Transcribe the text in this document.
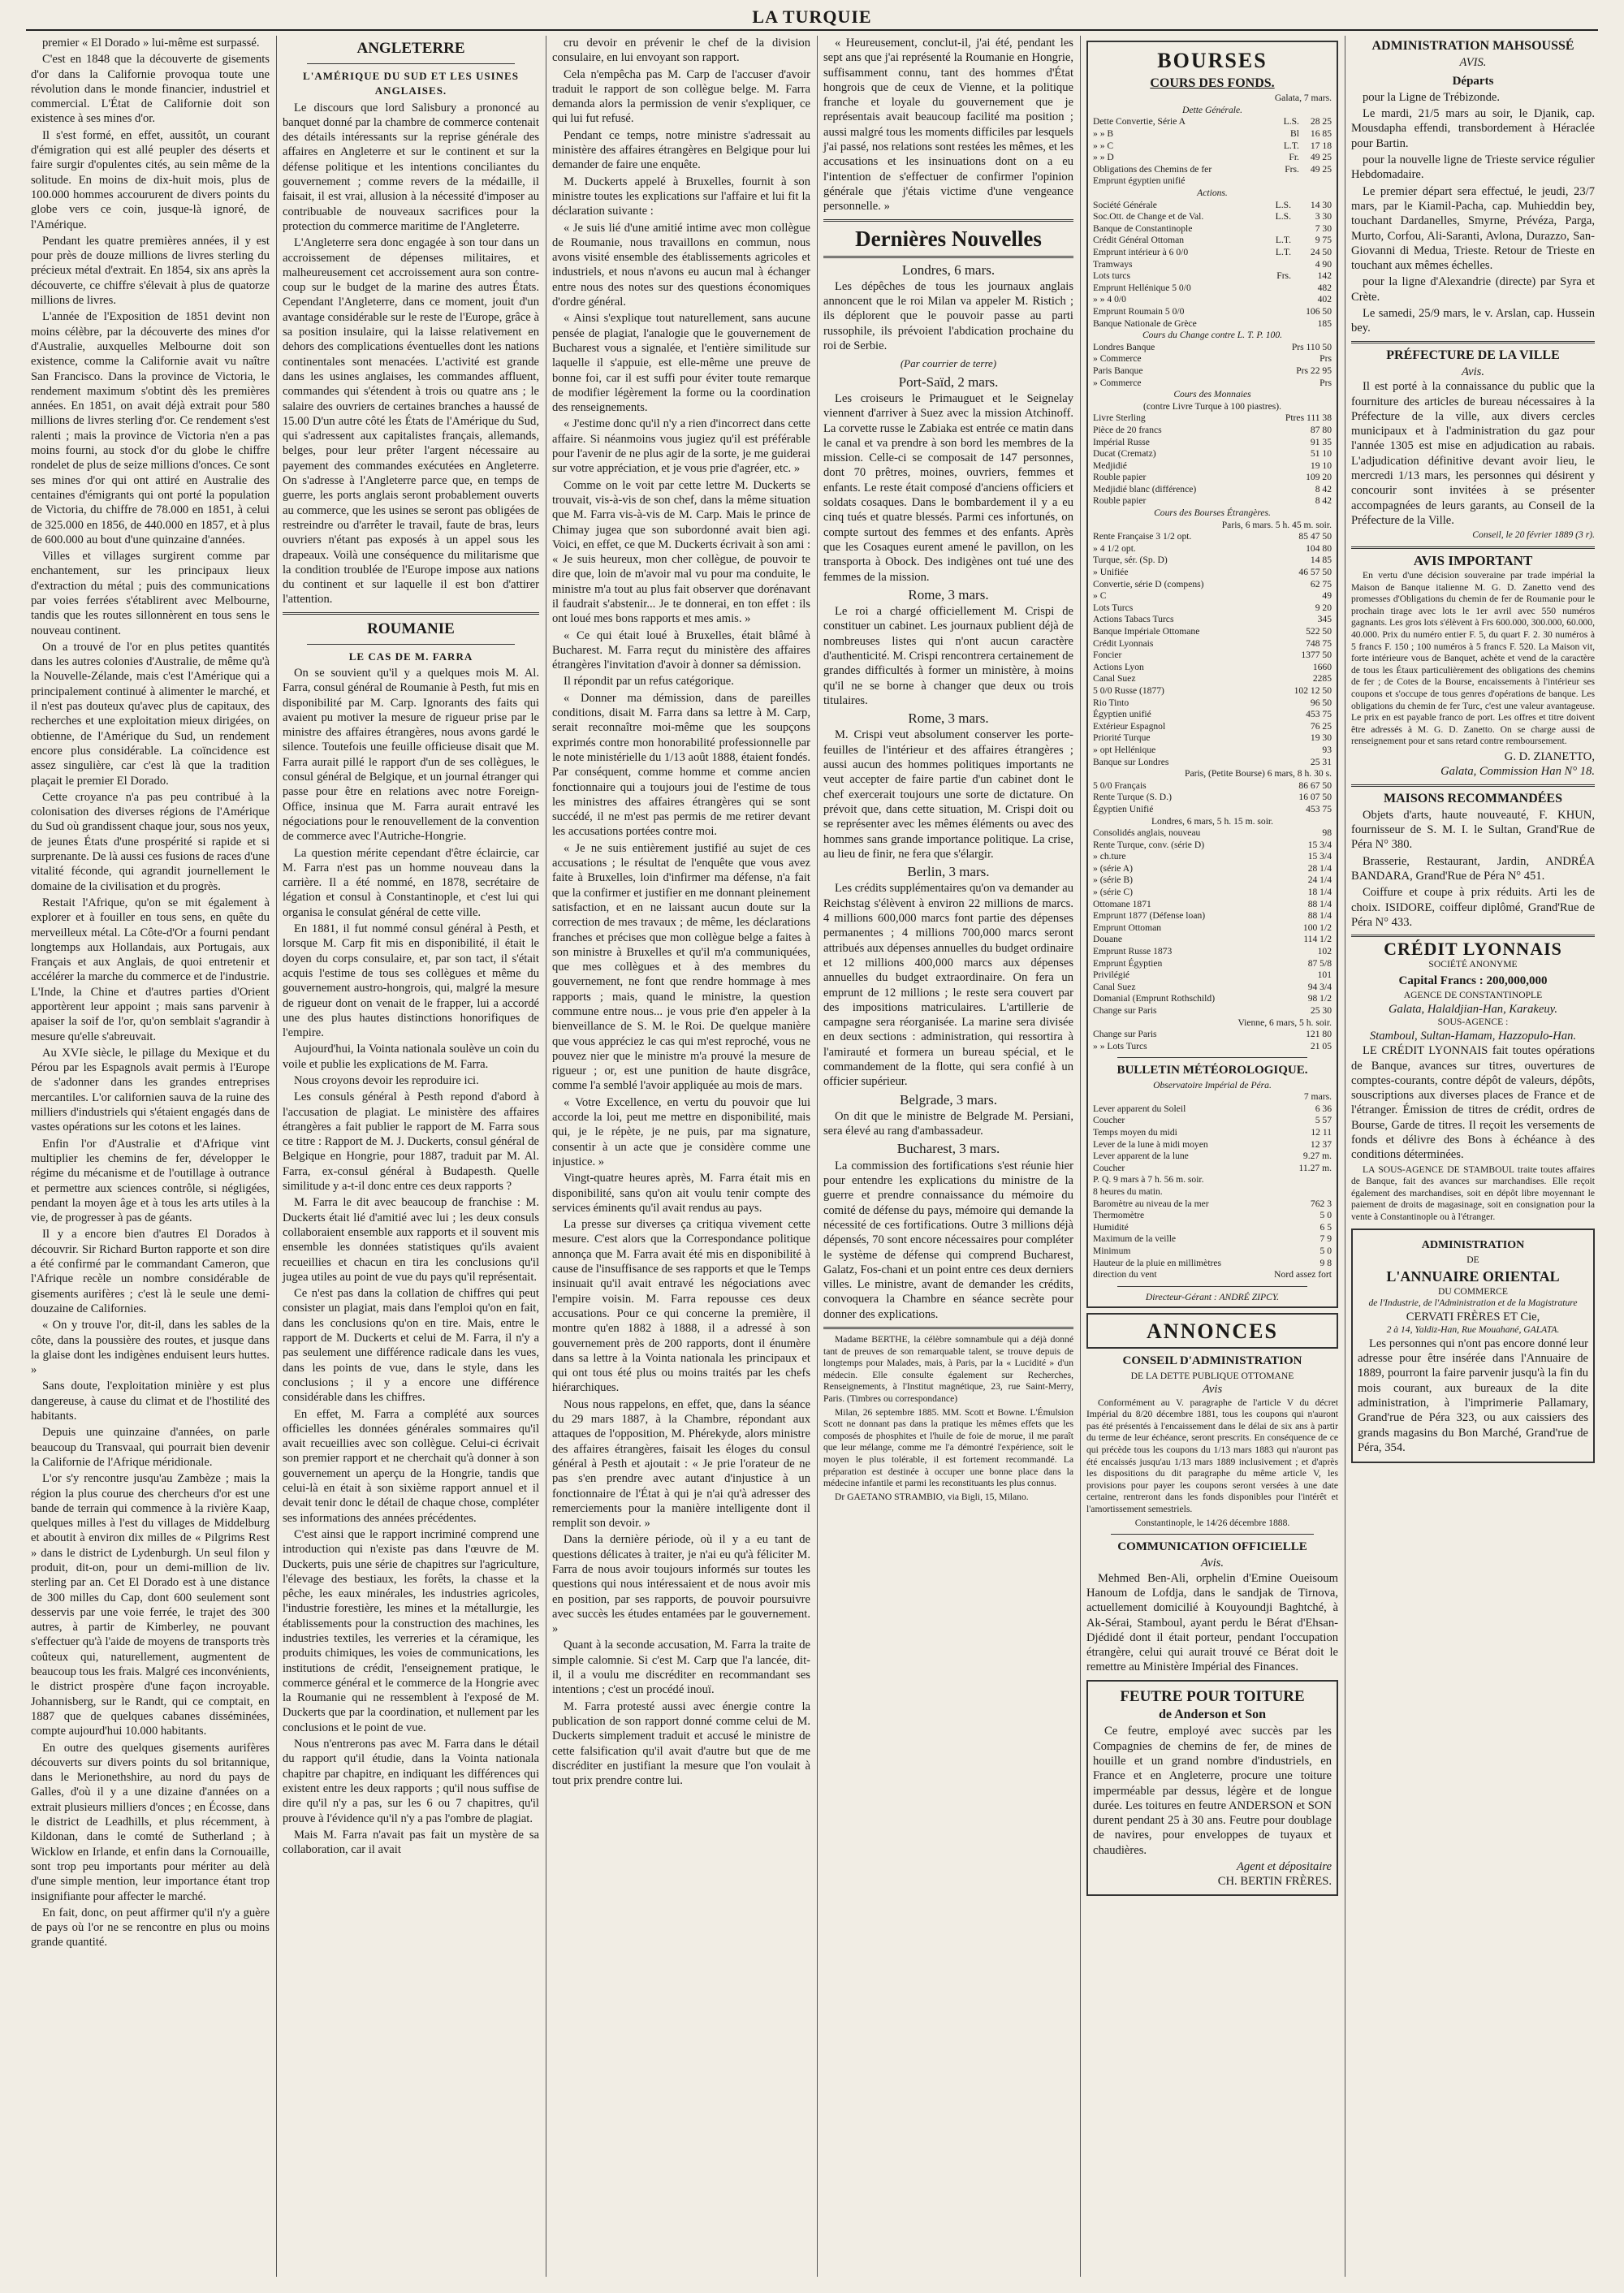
LA TURQUIE

premier « El Dorado » lui-même est surpassé.

C'est en 1848 que la découverte de gisements d'or dans la Californie provoqua toute une révolution dans le monde financier, industriel et commercial. L'État de Californie doit son existence à ses mines d'or.

Il s'est formé, en effet, aussitôt, un courant d'émigration qui est allé peupler des déserts et faire surgir d'opulentes cités, au sein même de la solitude. En moins de dix-huit mois, plus de 100.000 hommes accoururent de divers points du globe vers ce coin, jusque-là ignoré, de l'Amérique.

Pendant les quatre premières années, il y est pour près de douze millions de livres sterling du précieux métal d'extrait. En 1854, six ans après la découverte, ce chiffre s'élevait à plus de quatorze millions de livres.

L'année de l'Exposition de 1851 devint non moins célèbre, par la découverte des mines d'or d'Australie, auxquelles Melbourne doit son existence, comme la Californie avait vu naître San Francisco. Dans la province de Victoria, le rendement maximum s'obtint dès les premières années. En 1851, on avait déjà extrait pour 580 millions de livres sterling d'or. Ce rendement s'est ralenti ; mais la province de Victoria n'en a pas moins fourni, au stock d'or du globe le chiffre rondelet de plus de seize millions d'onces. Ce sont ses mines d'or qui ont attiré en Australie des centaines d'émigrants qui ont porté la population de Victoria, du chiffre de 78.000 en 1851, à celui de 325.000 en 1856, de 440.000 en 1857, et à plus de 600.000 au bout d'une quinzaine d'années.

Villes et villages surgirent comme par enchantement, sur les principaux lieux d'extraction du métal ; puis des communications par voies ferrées s'établirent avec Melbourne, tandis que les routes sillonnèrent en tous sens le nouveau continent.

On a trouvé de l'or en plus petites quantités dans les autres colonies d'Australie, de même qu'à la Nouvelle-Zélande, mais c'est l'Amérique qui a principalement continué à alimenter le marché, et il n'est pas douteux qu'avec plus de capitaux, des recherches et une exploitation mieux dirigées, on obtienne, de l'Amérique du Sud, un rendement encore plus considérable. La coïncidence est assez singulière, car c'est là que la tradition plaçait le premier El Dorado.

Cette croyance n'a pas peu contribué à la colonisation des diverses régions de l'Amérique du Sud où grandissent chaque jour, sous nos yeux, de jeunes États d'une prospérité si rapide et si surprenante. De là aussi ces fusions de races d'une vitalité féconde, qui agrandit journellement le domaine de la civilisation et du progrès.

Restait l'Afrique, qu'on se mit également à explorer et à fouiller en tous sens, en quête du merveilleux métal. La Côte-d'Or a fourni pendant longtemps aux Hollandais, aux Portugais, aux Français et aux Anglais, de quoi entretenir et accélérer la marche du commerce et de l'industrie. L'Inde, la Chine et d'autres parties d'Orient apportèrent leur appoint ; mais sans parvenir à apaiser la soif de l'or, qu'on semblait s'agrandir à mesure qu'elle s'abreuvait.

Au XVIe siècle, le pillage du Mexique et du Pérou par les Espagnols avait permis à l'Europe de s'adonner dans les grandes entreprises mercantiles. L'or californien sauva de la ruine des milliers d'industriels qui s'étaient engagés dans de vastes opérations sur les cotons et les laines.

Enfin l'or d'Australie et d'Afrique vint multiplier les chemins de fer, développer le régime du mécanisme et de l'outillage à outrance et permettre aux sciences contrôle, si négligées, pendant la moyen âge et à tous les arts utiles à la vie, de progresser à pas de géants.

Il y a encore bien d'autres El Dorados à découvrir. Sir Richard Burton rapporte et son dire a été confirmé par le commandant Cameron, que l'Afrique recèle un nombre considérable de gisements aurifères ; c'est là le seule une demi-douzaine de Californies.

« On y trouve l'or, dit-il, dans les sables de la côte, dans la poussière des routes, et jusque dans la glaise dont les indigènes enduisent leurs huttes. »

Sans doute, l'exploitation minière y est plus dangereuse, à cause du climat et de l'hostilité des habitants.

Depuis une quinzaine d'années, on parle beaucoup du Transvaal, qui pourrait bien devenir la Californie de l'Afrique méridionale.

L'or s'y rencontre jusqu'au Zambèze ; mais la région la plus courue des chercheurs d'or est une bande de terrain qui commence à la rivière Kaap, quelques milles à l'est du villages de Middelburg et aboutit à environ dix milles de « Pilgrims Rest » dans le district de Lydenburgh. Un seul filon y produit, dit-on, pour un demi-million de liv. sterling par an. Cet El Dorado est à une distance de 300 milles du Cap, dont 600 seulement sont desservis par une voie ferrée, le trajet des 300 autres, à partir de Kimberley, ne pouvant s'effectuer qu'à l'aide de moyens de transports très coûteux qui, naturellement, augmentent de beaucoup tous les frais. Malgré ces inconvénients, le district prospère d'une façon incroyable. Johannisberg, sur le Randt, qui ce comptait, en 1887 que de quelques cabanes disséminées, compte aujourd'hui 10.000 habitants.

En outre des quelques gisements aurifères découverts sur divers points du sol britannique, dans le Merionethshire, au nord du pays de Galles, d'où il y a une dizaine d'années on a extrait plusieurs milliers d'onces ; en Écosse, dans le district de Leadhills, et plus récemment, à Kildonan, dans le comté de Sutherland ; à Wicklow en Irlande, et enfin dans la Cornouaille, sont trop peu importants pour mériter au delà d'une simple mention, leur importance étant trop insignifiante pour affecter le marché.

En fait, donc, on peut affirmer qu'il n'y a guère de pays où l'or ne se rencontre en plus ou moins grande quantité.

ANGLETERRE
L'AMÉRIQUE DU SUD ET LES USINES ANGLAISES.

Le discours que lord Salisbury a prononcé au banquet donné par la chambre de commerce contenait des détails intéressants sur la reprise générale des affaires en Angleterre et sur le continent et sur la défense politique et les intentions conciliantes du gouvernement ; comme revers de la médaille, il faisait, il est vrai, allusion à la nécessité d'imposer au contribuable de nouveaux sacrifices pour la protection du commerce maritime de l'Angleterre.

L'Angleterre sera donc engagée à son tour dans un accroissement de dépenses militaires, et malheureusement cet accroissement aura son contre-coup sur le budget de la marine des autres États. Cependant l'Angleterre, dans ce moment, jouit d'un avantage considérable sur le reste de l'Europe, grâce à sa position insulaire, qui la laisse relativement en dehors des complications éventuelles dont les nations continentales sont menacées. L'activité est grande dans les usines anglaises, les commandes affluent, commandes qui s'étendent à trois ou quatre ans ; le salaire des ouvriers de certaines branches a haussé de 15.00 D'un autre côté les États de l'Amérique du Sud, qui s'adressent aux capitalistes français, allemands, belges, pour leur prêter l'argent nécessaire au payement des commandes exécutées en Angleterre. On s'adresse à l'Angleterre parce que, en temps de guerre, les ports anglais seront probablement ouverts au commerce, que les usines se seront pas obligées de restreindre ou d'arrêter le travail, faute de bras, leurs ouvriers n'étant pas exposés à un appel sous les drapeaux. Voilà une conséquence du militarisme que la condition troublée de l'Europe impose aux nations du continent et sur laquelle il est bon d'attirer l'attention.

ROUMANIE
LE CAS DE M. FARRA

On se souvient qu'il y a quelques mois M. Al. Farra, consul général de Roumanie à Pesth, fut mis en disponibilité par M. Carp. Ignorants des faits qui avaient pu motiver la mesure de rigueur prise par le ministre des affaires étrangères, nous avons gardé le silence. Toutefois une feuille officieuse disait que M. Farra aurait pillé le rapport d'un de ses collègues, le consul général de Belgique, et un journal étranger qui passe pour être en relations avec notre Foreign-Office, insinua que M. Farra aurait entravé les négociations pour le renouvellement de la convention de commerce avec l'Autriche-Hongrie.

La question mérite cependant d'être éclaircie, car M. Farra n'est pas un homme nouveau dans la carrière. Il a été nommé, en 1878, secrétaire de légation et consul à Constantinople, et c'est lui qui organisa le consulat général de cette ville.

En 1881, il fut nommé consul général à Pesth, et lorsque M. Carp fit mis en disponibilité, il était le doyen du corps consulaire, et, par son tact, il s'était acquis l'estime de tous ses collègues et même du gouvernement austro-hongrois, qui, malgré la mesure de rigueur dont on venait de le frapper, lui a accordé une des plus hautes distinctions honorifiques de l'empire.

Aujourd'hui, la Vointa nationala soulève un coin du voile et publie les explications de M. Farra.

Nous croyons devoir les reproduire ici.

Les consuls général à Pesth repond d'abord à l'accusation de plagiat. Le ministère des affaires étrangères a fait publier le rapport de M. Farra sous ce titre : Rapport de M. J. Duckerts, consul général de Belgique en Hongrie, pour 1887, traduit par M. Al. Farra, ex-consul général à Budapesth. Quelle similitude y a-t-il donc entre ces deux rapports ?

M. Farra le dit avec beaucoup de franchise : M. Duckerts était lié d'amitié avec lui ; les deux consuls collaboraient ensemble aux rapports et il souvent mis ensemble les données statistiques qu'ils avaient recueillies et chacun en tira les conclusions qu'il jugea utiles au point de vue du pays qu'il représentait.

Ce n'est pas dans la collation de chiffres qui peut consister un plagiat, mais dans l'emploi qu'on en fait, dans les conclusions qu'on en tire. Mais, entre le rapport de M. Duckerts et celui de M. Farra, il n'y a pas seulement une différence radicale dans les vues, dans les points de vue, dans le style, dans les conclusions ; il y a encore une différence considérable dans les chiffres.

En effet, M. Farra a complété aux sources officielles les données générales sommaires qu'il avait recueillies avec son collègue. Celui-ci écrivait son premier rapport et ne cherchait qu'à donner à son gouvernement un aperçu de la Hongrie, tandis que celui-là en était à son sixième rapport annuel et il devait tenir donc le détail de chaque chose, compléter ses informations des années précédentes.

C'est ainsi que le rapport incriminé comprend une introduction qui n'existe pas dans l'œuvre de M. Duckerts, puis une série de chapitres sur l'agriculture, l'élevage des bestiaux, les forêts, la chasse et la pêche, les eaux minérales, les industries agricoles, l'industrie forestière, les mines et la métallurgie, les établissements pour la construction des machines, les industries textiles, les verreries et la céramique, les produits chimiques, les voies de communications, les institutions de crédit, l'enseignement pratique, le commerce général et le commerce de la Hongrie avec la Roumanie qui ne ressemblent à l'exposé de M. Duckerts que par la coordination, et nullement par les conclusions et le point de vue.

Nous n'entrerons pas avec M. Farra dans le détail du rapport qu'il étudie, dans la Vointa nationala chapitre par chapitre, en indiquant les différences qui existent entre les deux rapports ; qu'il nous suffise de dire qu'il n'y a pas, sur les 6 ou 7 chapitres, qu'il prouve à l'évidence qu'il n'y a pas l'ombre de plagiat.

Mais M. Farra n'avait pas fait un mystère de sa collaboration, car il avait

cru devoir en prévenir le chef de la division consulaire, en lui envoyant son rapport.

Cela n'empêcha pas M. Carp de l'accuser d'avoir traduit le rapport de son collègue belge. M. Farra demanda alors la permission de venir s'expliquer, ce qui lui fut refusé.

Pendant ce temps, notre ministre s'adressait au ministère des affaires étrangères en Belgique pour lui demander de faire une enquête.

M. Duckerts appelé à Bruxelles, fournit à son ministre toutes les explications sur l'affaire et lui fit la déclaration suivante :

« Je suis lié d'une amitié intime avec mon collègue de Roumanie, nous travaillons en commun, nous avons visité ensemble des établissements agricoles et industriels, et nous n'avons eu aucun mal à échanger entre nous des notes sur des questions économiques d'ordre général.

« Ainsi s'explique tout naturellement, sans aucune pensée de plagiat, l'analogie que le gouvernement de Bucharest vous a signalée, et l'entière similitude sur laquelle il s'appuie, est elle-même une preuve de bonne foi, car il est suffi pour éviter toute remarque de modifier légèrement la forme ou la coordination des renseignements.

« J'estime donc qu'il n'y a rien d'incorrect dans cette affaire. Si néanmoins vous jugiez qu'il est préférable pour l'avenir de ne plus agir de la sorte, je me guiderai sur votre appréciation, et je vous prie d'agréer, etc. »

Comme on le voit par cette lettre M. Duckerts se trouvait, vis-à-vis de son chef, dans la même situation que M. Farra vis-à-vis de M. Carp. Mais le prince de Chimay jugea que son subordonné avait bien agi. Voici, en effet, ce que M. Duckerts écrivait à son ami : « Je suis heureux, mon cher collègue, de pouvoir te dire que, loin de m'avoir mal vu pour ma conduite, le ministre m'a tout au plus fait observer que dorénavant il faudrait s'abstenir... Je te donnerai, en ton effet : ils ont loué mes bons rapports et mes amis. »

« Ce qui était loué à Bruxelles, était blâmé à Bucharest. M. Farra reçut du ministère des affaires étrangères l'invitation d'avoir à donner sa démission.

Il répondit par un refus catégorique.

« Donner ma démission, dans de pareilles conditions, disait M. Farra dans sa lettre à M. Carp, serait reconnaître moi-même que les soupçons exprimés contre mon honorabilité professionnelle par le note ministérielle du 1/13 août 1888, étaient fondés. Par conséquent, comme homme et comme ancien fonctionnaire qui a toujours joui de l'estime de tous les ministres des affaires étrangères qui se sont succédé, il ne m'est pas permis de me retirer devant les accusations portées contre moi.

« Je ne suis entièrement justifié au sujet de ces accusations ; le résultat de l'enquête que vous avez faite à Bruxelles, loin d'infirmer ma défense, n'a fait que la confirmer et justifier en me donnant pleinement satisfaction, et en ne laissant aucun doute sur la correction de mes travaux ; de même, les déclarations franches et précises que mon collègue belge a faites à son ministre à Bruxelles et qu'il m'a communiquées, que mes collègues et à des membres du gouvernement, ne font que rendre hommage à mes rapports ; mais, quand le ministre, la question commune entre nous... je vous prie d'en appeler à la bienveillance de S. M. le Roi. De quelque manière que vous appréciez le cas qui m'est reproché, vous ne pouvez nier que le ministre m'a prouvé la mesure de rigueur ; or, est une punition de haute disgrâce, comme l'a semblé l'avoir appliquée au mois de mars.

« Votre Excellence, en vertu du pouvoir que lui accorde la loi, peut me mettre en disponibilité, mais qui, je le répète, je ne puis, par ma signature, consentir à un acte que je considère comme une injustice. »

Vingt-quatre heures après, M. Farra était mis en disponibilité, sans qu'on ait voulu tenir compte des services éminents qu'il avait rendus au pays.

La presse sur diverses ça critiqua vivement cette mesure. C'est alors que la Correspondance politique annonça que M. Farra avait été mis en disponibilité à cause de l'insuffisance de ses rapports et que le Temps insinuait qu'il avait entravé les négociations avec l'empire voisin. M. Farra repousse ces deux accusations. Pour ce qui concerne la première, il montre qu'en 1882 à 1888, il a adressé à son gouvernement près de 200 rapports, dont il énumère dans sa lettre à la Vointa nationala les principaux et qui ont tous été plus ou moins traités par les chefs hiérarchiques.

Nous nous rappelons, en effet, que, dans la séance du 29 mars 1887, à la Chambre, répondant aux attaques de l'opposition, M. Phérekyde, alors ministre des affaires étrangères, faisait les éloges du consul général à Pesth et ajoutait : « Je prie l'orateur de ne pas s'en prendre avec autant d'injustice à un fonctionnaire de l'État à qui je n'ai qu'à adresser des remerciements pour la manière intelligente dont il remplit son devoir. »

Dans la dernière période, où il y a eu tant de questions délicates à traiter, je n'ai eu qu'à féliciter M. Farra de nous avoir toujours informés sur toutes les questions qui nous intéressaient et de nous avoir mis en position, par ses rapports, de pouvoir poursuivre avec succès les études entamées par le gouvernement. »

Quant à la seconde accusation, M. Farra la traite de simple calomnie. Si c'est M. Carp que l'a lancée, dit-il, il a voulu me discréditer en recommandant ses intentions ; c'est un procédé inouï.

M. Farra protesté aussi avec énergie contre la publication de son rapport donné comme celui de M. Duckerts simplement traduit et accusé le ministre de cette falsification qu'il avait d'autre but que de me discréditer en justifiant la mesure que l'on voulait à tout prix prendre contre lui.

« Heureusement, conclut-il, j'ai été, pendant les sept ans que j'ai représenté la Roumanie en Hongrie, suffisamment connu, tant des hommes d'État hongrois que de ceux de Vienne, et la politique franche et loyale du gouvernement que je représentais avait beaucoup facilité ma position ; aussi malgré tous les moments difficiles par lesquels j'ai passé, nos relations sont restées les mêmes, et les accusations et les insinuations dont on a eu l'intention de s'effectuer de confirmer l'opinion générale que j'étais victime d'une vengeance personnelle. »

Dernières Nouvelles
Londres, 6 mars.

Les dépêches de tous les journaux anglais annoncent que le roi Milan va appeler M. Ristich ; ils déplorent que le pouvoir passe au parti russophile, ils prévoient l'abdication prochaine du roi de Serbie.

(Par courrier de terre)
Port-Saïd, 2 mars.

Les croiseurs le Primauguet et le Seignelay viennent d'arriver à Suez avec la mission Atchinoff. La corvette russe le Zabiaka est entrée ce matin dans le canal et va prendre à son bord les membres de la mission. Celle-ci se composait de 147 personnes, dont 70 prêtres, moines, ouvriers, femmes et enfants. Le reste était composé d'anciens officiers et soldats cosaques. Dans le bombardement il y a eu cinq tués et quatre blessés. Parmi ces infortunés, on compte surtout des femmes et des enfants. Après que les Cosaques eurent amené le pavillon, on les transporta à Obock. Des indigènes ont tué une des femmes de la mission.

Rome, 3 mars.

Le roi a chargé officiellement M. Crispi de constituer un cabinet. Les journaux publient déjà de nombreuses listes qui n'ont aucun caractère d'authenticité. M. Crispi rencontrera certainement de grandes difficultés à former un ministère, à moins qu'il ne se borne à changer que deux ou trois titulaires.

Rome, 3 mars.

M. Crispi veut absolument conserver les porte-feuilles de l'intérieur et des affaires étrangères ; aussi aucun des hommes politiques importants ne veut accepter de faire partie d'un cabinet dont le chef exercerait toujours une sorte de dictature. On prévoit que, dans cette situation, M. Crispi doit ou se représenter avec les mêmes éléments ou avec des hommes sans grande importance politique. La crise, au lieu de finir, ne fera que s'élargir.

Berlin, 3 mars.

Les crédits supplémentaires qu'on va demander au Reichstag s'élèvent à environ 22 millions de marcs. 4 millions 600,000 marcs font partie des dépenses permanentes ; 4 millions 700,000 marcs seront attribués aux dépenses annuelles du budget ordinaire et 12 millions 400,000 marcs aux dépenses annuelles du budget extraordinaire. On fera un emprunt de 12 millions ; le reste sera couvert par des impositions matriculaires. L'artillerie de campagne sera réorganisée. La marine sera divisée en deux sections : administration, qui ressortira à l'amirauté et formera un bureau spécial, et le commandement de la flotte, qui sera confié à un officier supérieur.

Belgrade, 3 mars.

On dit que le ministre de Belgrade M. Persiani, sera élevé au rang d'ambassadeur.

Bucharest, 3 mars.

La commission des fortifications s'est réunie hier pour entendre les explications du ministre de la guerre et prendre connaissance du mémoire du comité de défense du pays, mémoire qui demande la nécessité de ces fortifications. Outre 3 millions déjà dépensés, 70 sont encore nécessaires pour compléter le système de défense qui comprend Bucharest, Galatz, Fos-chani et un point entre ces deux derniers villes. Le ministre, avant de demander les crédits, convoquera la Chambre en séance secrète pour donner des explications.

Madame BERTHE, la célèbre somnambule qui a déjà donné tant de preuves de son remarquable talent, se trouve depuis de longtemps pour Malades, mais, à Paris, par la « Lucidité » d'un médecin. Elle consulte également sur Recherches, Renseignements, à l'Institut magnétique, 23, rue Saint-Merry, Paris. (Timbres ou correspondance)

Milan, 26 septembre 1885. MM. Scott et Bowne. L'Émulsion Scott ne donnant pas dans la pratique les mêmes effets que les composés de phosphites et l'huile de foie de morue, il me paraît que leur mélange, comme me l'a démontré l'expérience, soit le moyen le plus tolérable, il est fortement recommandé. La préparation est destinée à occuper une bonne place dans la médecine infantile et parmi les reconstituants les plus connus.

Dr GAETANO STRAMBIO, via Bigli, 15, Milano.

BOURSES
COURS DES FONDS.
Galata, 7 mars.
Dette Générale.
Dette Convertie, Série A	L.S.	28 25
» » B	Bl	16 85
» » C	L.T.	17 18
» » D	Fr.	49 25
Obligations des Chemins de fer	Frs.	49 25
Emprunt égyptien unifié		
Actions.
Société Générale	L.S.	14 30
Soc.Ott. de Change et de Val.	L.S.	3 30
Banque de Constantinople		7 30
Crédit Général Ottoman	L.T.	9 75
Emprunt intérieur à 6 0/0	L.T.	24 50
Tramways		4 90
Lots turcs	Frs.	142
Emprunt Hellénique 5 0/0		482
» » 4 0/0		402
Emprunt Roumain 5 0/0		106 50
Banque Nationale de Grèce		185
Cours du Change contre L. T. P. 100.
Londres Banque	Prs 110 50
» Commerce	Prs
Paris Banque	Prs 22 95
» Commerce	Prs
Cours des Monnaies
(contre Livre Turque à 100 piastres).
Livre Sterling	Ptres 111 38
Pièce de 20 francs	87 80
Impérial Russe	91 35
Ducat (Crematz)	51 10
Medjidié	19 10
Rouble papier	109 20
Medjidié blanc (différence)	8 42
Rouble papier	8 42
Cours des Bourses Étrangères.
Paris, 6 mars. 5 h. 45 m. soir.
Rente Française 3 1/2 opt.	85 47 50
» 4 1/2 opt.	104 80
Turque, sér. (Sp. D)	14 85
» Unifiée	46 57 50
Convertie, série D (compens)	62 75
» C	49
Lots Turcs	9 20
Actions Tabacs Turcs	345
Banque Impériale Ottomane	522 50
Crédit Lyonnais	748 75
Foncier	1377 50
Actions Lyon	1660
Canal Suez	2285
5 0/0 Russe (1877)	102 12 50
Rio Tinto	96 50
Égyptien unifié	453 75
Extérieur Espagnol	76 25
Priorité Turque	19 30
» opt Hellénique	93
Banque sur Londres	25 31
Paris, (Petite Bourse) 6 mars, 8 h. 30 s.
5 0/0 Français	86 67 50
Rente Turque (S. D.)	16 07 50
Égyptien Unifié	453 75
Londres, 6 mars, 5 h. 15 m. soir.
Consolidés anglais, nouveau	98
Rente Turque, conv. (série D)	15 3/4
» ch.ture	15 3/4
» (série A)	28 1/4
» (série B)	24 1/4
» (série C)	18 1/4
Ottomane 1871	88 1/4
Emprunt 1877 (Défense loan)	88 1/4
Emprunt Ottoman	100 1/2
Douane	114 1/2
Emprunt Russe 1873	102
Emprunt Égyptien	87 5/8
Privilégié	101
Canal Suez	94 3/4
Domanial (Emprunt Rothschild)	98 1/2
Change sur Paris	25 30
Vienne, 6 mars, 5 h. soir.
Change sur Paris	121 80
» » Lots Turcs	21 05
BULLETIN MÉTÉOROLOGIQUE.
Observatoire Impérial de Péra.
7 mars.
Lever apparent du Soleil	6 36
Coucher	5 57
Temps moyen du midi	12 11
Lever de la lune à midi moyen	12 37
Lever apparent de la lune	9.27 m.
Coucher	11.27 m.
P. Q. 9 mars à 7 h. 56 m. soir.	
8 heures du matin.	
Baromètre au niveau de la mer	762 3
Thermomètre	5 0
Humidité	6 5
Maximum de la veille	7 9
Minimum	5 0
Hauteur de la pluie en millimètres	9 8
direction du vent	Nord assez fort
Directeur-Gérant : ANDRÉ ZIPCY.
ANNONCES
CONSEIL D'ADMINISTRATION
DE LA DETTE PUBLIQUE OTTOMANE
Avis

Conformément au V. paragraphe de l'article V du décret Impérial du 8/20 décembre 1881, tous les coupons qui n'auront pas été présentés à l'encaissement dans le délai de six ans à partir du terme de leur échéance, seront prescrits. En conséquence de ce qui précède tous les coupons du 1/13 mars 1883 qui n'auront pas été encaissés jusqu'au 1/13 mars 1889 inclusivement ; et d'après les dispositions du dit paragraphe du même article V, les provisions pour payer les coupons seront versées à une date certaine, rentreront dans les fonds disponibles pour l'intérêt et l'amortissement semestriels.

Constantinople, le 14/26 décembre 1888.
COMMUNICATION OFFICIELLE
Avis.

Mehmed Ben-Ali, orphelin d'Emine Oueisoum Hanoum de Lofdja, dans le sandjak de Tirnova, actuellement domicilié à Kouyoundji Baghtché, à Ak-Sérai, Stamboul, ayant perdu le Bérat d'Ehsan-Djédidé dont il était porteur, pendant l'occupation étrangère, celui qui aurait trouvé ce Bérat doit le remettre au Ministère Impérial des Finances.

FEUTRE POUR TOITURE
de Anderson et Son

Ce feutre, employé avec succès par les Compagnies de chemins de fer, de mines de houille et un grand nombre d'industriels, en France et en Angleterre, procure une toiture imperméable par dessus, légère et de longue durée. Les toitures en feutre ANDERSON et SON durent pendant 25 à 30 ans. Feutre pour doublage de navires, pour enveloppes de tuyaux et chaudières.

Agent et dépositaire
CH. BERTIN FRÈRES.
ADMINISTRATION MAHSOUSSÉ
AVIS.
Départs

pour la Ligne de Trébizonde.

Le mardi, 21/5 mars au soir, le Djanik, cap. Mousdapha effendi, transbordement à Héraclée pour Bartin.

pour la nouvelle ligne de Trieste service régulier Hebdomadaire.

Le premier départ sera effectué, le jeudi, 23/7 mars, par le Kiamil-Pacha, cap. Muhieddin bey, touchant Dardanelles, Smyrne, Prévéza, Parga, Murto, Corfou, Ali-Saranti, Avlona, Durazzo, San-Giovanni di Medua, Trieste. Retour de Trieste en touchant aux mêmes échelles.

pour la ligne d'Alexandrie (directe) par Syra et Crète.

Le samedi, 25/9 mars, le v. Arslan, cap. Hussein bey.

PRÉFECTURE DE LA VILLE
Avis.

Il est porté à la connaissance du public que la fourniture des articles de bureau nécessaires à la Préfecture de la ville, aux divers cercles municipaux et à l'administration du gaz pour l'année 1305 est mise en adjudication au rabais. L'adjudication définitive devant avoir lieu, le mercredi 1/13 mars, les personnes qui désirent y concourir sont invitées à se présenter accompagnées de leurs garants, au Conseil de la Préfecture de la Ville.

Conseil, le 20 février 1889 (3 r).
AVIS IMPORTANT

En vertu d'une décision souveraine par trade impérial la Maison de Banque italienne M. G. D. Zanetto vend des promesses d'Obligations du chemin de fer de Roumanie pour le prochain tirage avec lots le 1er avril avec 550 numéros gagnants. Les gros lots s'élèvent à Frs 600.000, 300.000, 60.000, 40.000. Prix du numéro entier F. 5, du quart F. 2. 30 numéros à 5 francs F. 150 ; 100 numéros à 5 francs F. 520. La Maison vit, forte intérieure vous de Banquet, achète et vend de la caractère de tous les Étaux particulièrement des obligations des chemins de fer ; de Cotes de la Bourse, encaissements à l'intérieur ses coupons et s'occupe de tous genres d'opérations de banque. Les obligations du chemin de fer Turc, c'est une valeur avantageuse. Le prix en est payable franco de port. Les offres et titre doivent être adressés à M. G. D. Zanetto. On se charge aussi de renseignement pour et sans retard contre remboursement.

G. D. ZIANETTO,
Galata, Commission Han N° 18.
MAISONS RECOMMANDÉES

Objets d'arts, haute nouveauté, F. KHUN, fournisseur de S. M. I. le Sultan, Grand'Rue de Péra N° 380.

Brasserie, Restaurant, Jardin, ANDRÉA BANDARA, Grand'Rue de Péra N° 451.

Coiffure et coupe à prix réduits. Arti les de choix. ISIDORE, coiffeur diplômé, Grand'Rue de Péra N° 433.

CRÉDIT LYONNAIS
SOCIÉTÉ ANONYME
Capital Francs : 200,000,000
AGENCE DE CONSTANTINOPLE
Galata, Halaldjian-Han, Karakeuy.
SOUS-AGENCE :
Stamboul, Sultan-Hamam, Hazzopulo-Han.

LE CRÉDIT LYONNAIS fait toutes opérations de Banque, avances sur titres, ouvertures de comptes-courants, contre dépôt de valeurs, dépôts, souscriptions aux diverses places de France et de l'étranger. Émission de titres de crédit, ordres de Bourse, Garde de titres. Il reçoit les versements de fonds et délivre des Bons à échéance à des conditions déterminées.

LA SOUS-AGENCE DE STAMBOUL traite toutes affaires de Banque, fait des avances sur marchandises. Elle reçoit également des marchandises, soit en dépôt libre moyennant le paiement de droits de magasinage, soit en consignation pour la vente à Constantinople ou à l'étranger.

ADMINISTRATION
DE
L'ANNUAIRE ORIENTAL
DU COMMERCE
de l'Industrie, de l'Administration et de la Magistrature
CERVATI FRÈRES ET Cie,
2 à 14, Yaldiz-Han, Rue Mouahané, GALATA.

Les personnes qui n'ont pas encore donné leur adresse pour être insérée dans l'Annuaire de 1889, pourront la faire parvenir jusqu'à la fin du mois courant, aux bureaux de la dite administration, à l'imprimerie Pallamary, Grand'rue de Péra 323, ou aux caissiers des grands magasins du Bon Marché, Grand'rue de Péra, 354.
